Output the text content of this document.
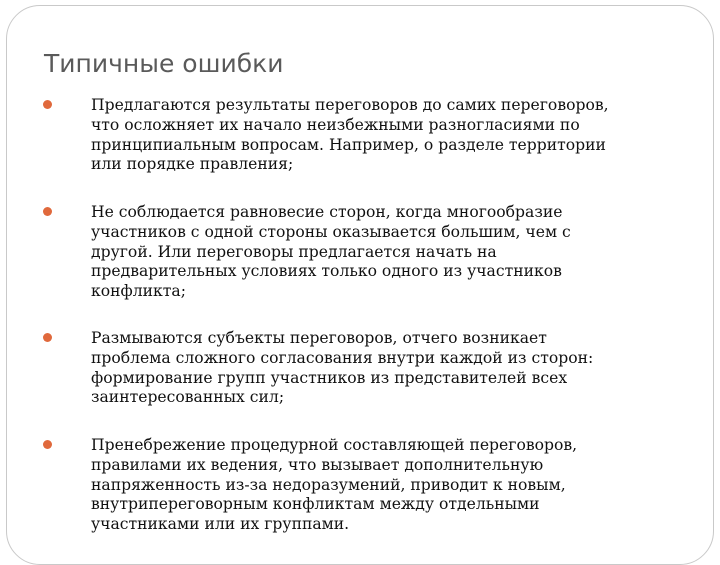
Типичные ошибки
Предлагаются результаты переговоров до самих переговоров,
что осложняет их начало неизбежными разногласиями по
принципиальным вопросам. Например, о разделе территории
или порядке правления;
Не соблюдается равновесие сторон, когда многообразие
участников с одной стороны оказывается большим, чем с
другой. Или переговоры предлагается начать на
предварительных условиях только одного из участников
конфликта;
Размываются субъекты переговоров, отчего возникает
проблема сложного согласования внутри каждой из сторон:
формирование групп участников из представителей всех
заинтересованных сил;
Пренебрежение процедурной составляющей переговоров,
правилами их ведения, что вызывает дополнительную
напряженность из-за недоразумений, приводит к новым,
внутрипереговорным конфликтам между отдельными
участниками или их группами.
